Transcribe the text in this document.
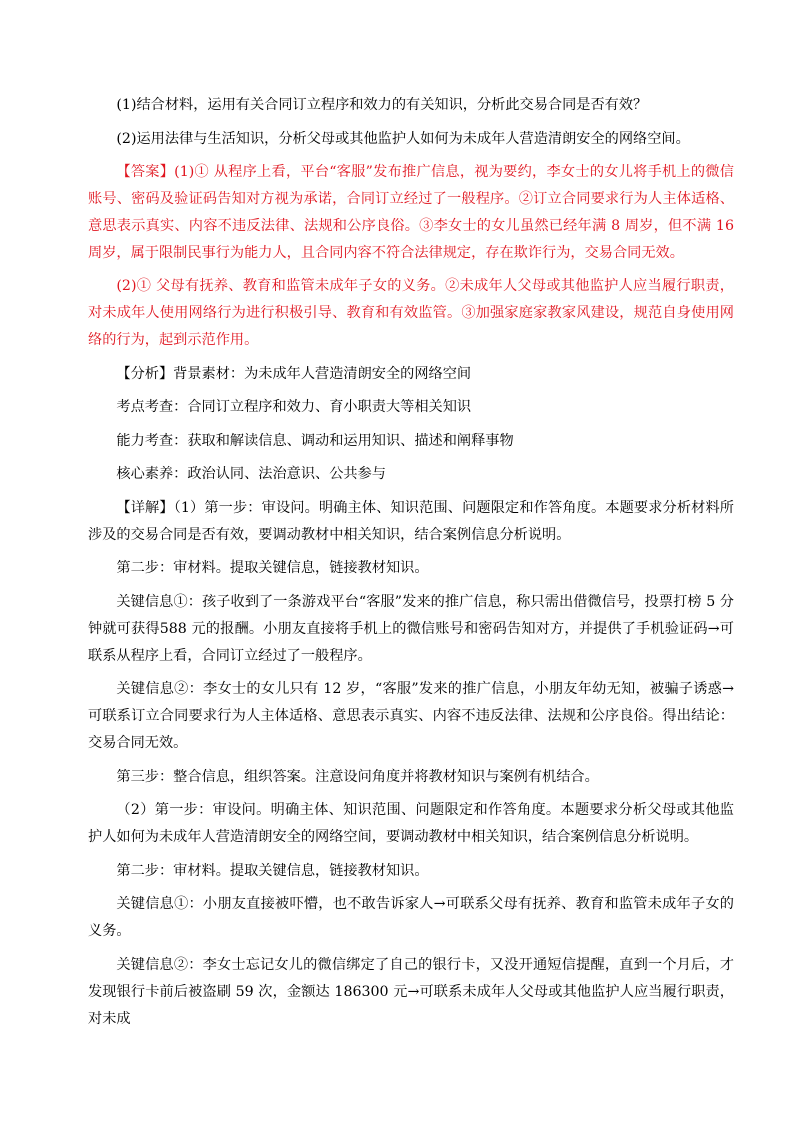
(1)结合材料，运用有关合同订立程序和效力的有关知识，分析此交易合同是否有效？

(2)运用法律与生活知识，分析父母或其他监护人如何为未成年人营造清朗安全的网络空间。

【答案】(1)① 从程序上看，平台“客服”发布推广信息，视为要约，李女士的女儿将手机上的微信账号、密码及验证码告知对方视为承诺，合同订立经过了一般程序。②订立合同要求行为人主体适格、意思表示真实、内容不违反法律、法规和公序良俗。③李女士的女儿虽然已经年满 8 周岁，但不满 16 周岁，属于限制民事行为能力人，且合同内容不符合法律规定，存在欺诈行为，交易合同无效。

(2)① 父母有抚养、教育和监管未成年子女的义务。②未成年人父母或其他监护人应当履行职责，对未成年人使用网络行为进行积极引导、教育和有效监管。③加强家庭家教家风建设，规范自身使用网络的行为，起到示范作用。

【分析】背景素材：为未成年人营造清朗安全的网络空间

考点考查：合同订立程序和效力、育小职责大等相关知识

能力考查：获取和解读信息、调动和运用知识、描述和阐释事物

核心素养：政治认同、法治意识、公共参与

【详解】（1）第一步：审设问。明确主体、知识范围、问题限定和作答角度。本题要求分析材料所涉及的交易合同是否有效，要调动教材中相关知识，结合案例信息分析说明。

第二步：审材料。提取关键信息，链接教材知识。

关键信息①：孩子收到了一条游戏平台“客服”发来的推广信息，称只需出借微信号，投票打榜 5 分钟就可获得588 元的报酬。小朋友直接将手机上的微信账号和密码告知对方，并提供了手机验证码→可联系从程序上看，合同订立经过了一般程序。

关键信息②：李女士的女儿只有 12 岁，“客服”发来的推广信息，小朋友年幼无知，被骗子诱惑→可联系订立合同要求行为人主体适格、意思表示真实、内容不违反法律、法规和公序良俗。得出结论：交易合同无效。

第三步：整合信息，组织答案。注意设问角度并将教材知识与案例有机结合。

（2）第一步：审设问。明确主体、知识范围、问题限定和作答角度。本题要求分析父母或其他监护人如何为未成年人营造清朗安全的网络空间，要调动教材中相关知识，结合案例信息分析说明。

第二步：审材料。提取关键信息，链接教材知识。

关键信息①：小朋友直接被吓懵，也不敢告诉家人→可联系父母有抚养、教育和监管未成年子女的义务。

关键信息②：李女士忘记女儿的微信绑定了自己的银行卡，又没开通短信提醒，直到一个月后，才发现银行卡前后被盗刷 59 次，金额达 186300 元→可联系未成年人父母或其他监护人应当履行职责，对未成
